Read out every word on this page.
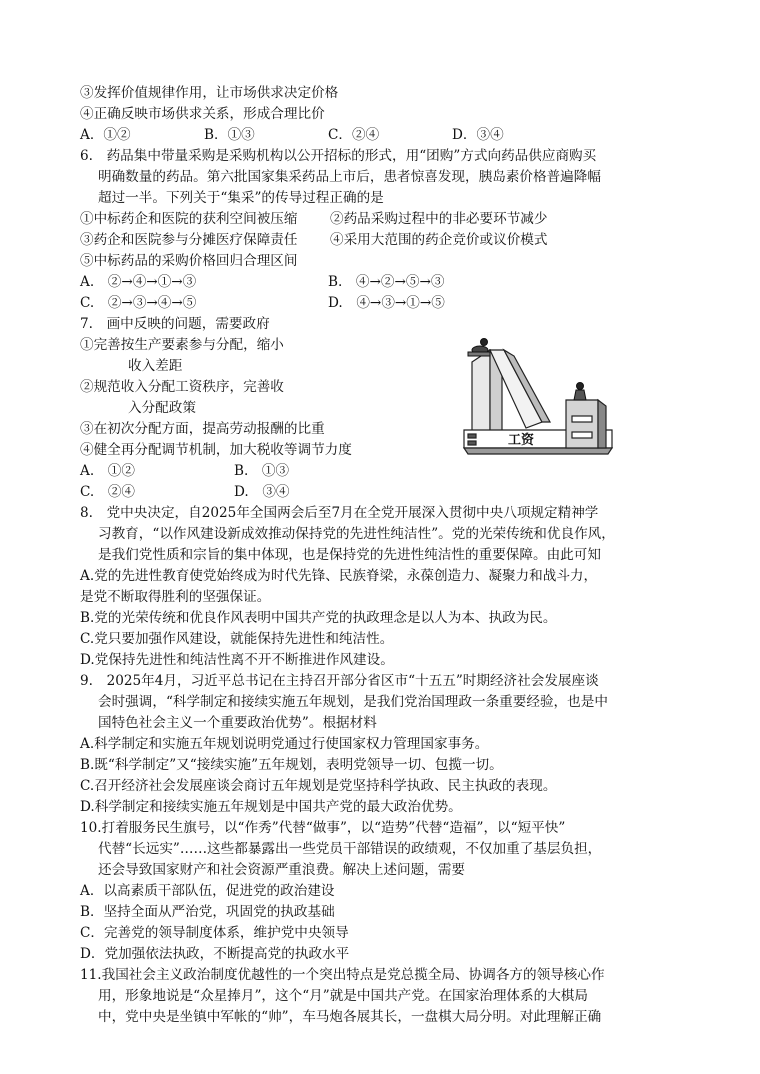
③发挥价值规律作用，让市场供求决定价格
④正确反映市场供求关系，形成合理比价
A．①②	B．①③	C．②④	D．③④
6.　药品集中带量采购是采购机构以公开招标的形式，用“团购”方式向药品供应商购买
明确数量的药品。第六批国家集采药品上市后，患者惊喜发现，胰岛素价格普遍降幅
超过一半。下列关于“集采”的传导过程正确的是
①中标药企和医院的获利空间被压缩 ②药品采购过程中的非必要环节减少
③药企和医院参与分摊医疗保障责任 ④采用大范围的药企竞价或议价模式
⑤中标药品的采购价格回归合理区间
A.　②→④→①→③	B.　④→②→⑤→③
C.　②→③→④→⑤	D.　④→③→①→⑤
7.　画中反映的问题，需要政府
①完善按生产要素参与分配，缩小
收入差距
②规范收入分配工资秩序，完善收
入分配政策
③在初次分配方面，提高劳动报酬的比重
④健全再分配调节机制，加大税收等调节力度
A.　①②	B.　①③
C.　②④	D.　③④
工资
8.　党中央决定，自2025年全国两会后至7月在全党开展深入贯彻中央八项规定精神学
习教育，“以作风建设新成效推动保持党的先进性纯洁性”。党的光荣传统和优良作风，
是我们党性质和宗旨的集中体现，也是保持党的先进性纯洁性的重要保障。由此可知
A.党的先进性教育使党始终成为时代先锋、民族脊梁，永葆创造力、凝聚力和战斗力，
是党不断取得胜利的坚强保证。
B.党的光荣传统和优良作风表明中国共产党的执政理念是以人为本、执政为民。
C.党只要加强作风建设，就能保持先进性和纯洁性。
D.党保持先进性和纯洁性离不开不断推进作风建设。
9.　2025年4月，习近平总书记在主持召开部分省区市“十五五”时期经济社会发展座谈
会时强调，“科学制定和接续实施五年规划，是我们党治国理政一条重要经验，也是中
国特色社会主义一个重要政治优势”。根据材料
A.科学制定和实施五年规划说明党通过行使国家权力管理国家事务。
B.既“科学制定”又“接续实施”五年规划，表明党领导一切、包揽一切。
C.召开经济社会发展座谈会商讨五年规划是党坚持科学执政、民主执政的表现。
D.科学制定和接续实施五年规划是中国共产党的最大政治优势。
10.打着服务民生旗号，以“作秀”代替“做事”，以“造势”代替“造福”，以“短平快”
代替“长远实”……这些都暴露出一些党员干部错误的政绩观，不仅加重了基层负担，
还会导致国家财产和社会资源严重浪费。解决上述问题，需要
A．以高素质干部队伍，促进党的政治建设
B．坚持全面从严治党，巩固党的执政基础
C．完善党的领导制度体系，维护党中央领导
D．党加强依法执政，不断提高党的执政水平
11.我国社会主义政治制度优越性的一个突出特点是党总揽全局、协调各方的领导核心作
用，形象地说是“众星捧月”，这个“月”就是中国共产党。在国家治理体系的大棋局
中，党中央是坐镇中军帐的“帅”，车马炮各展其长，一盘棋大局分明。对此理解正确
